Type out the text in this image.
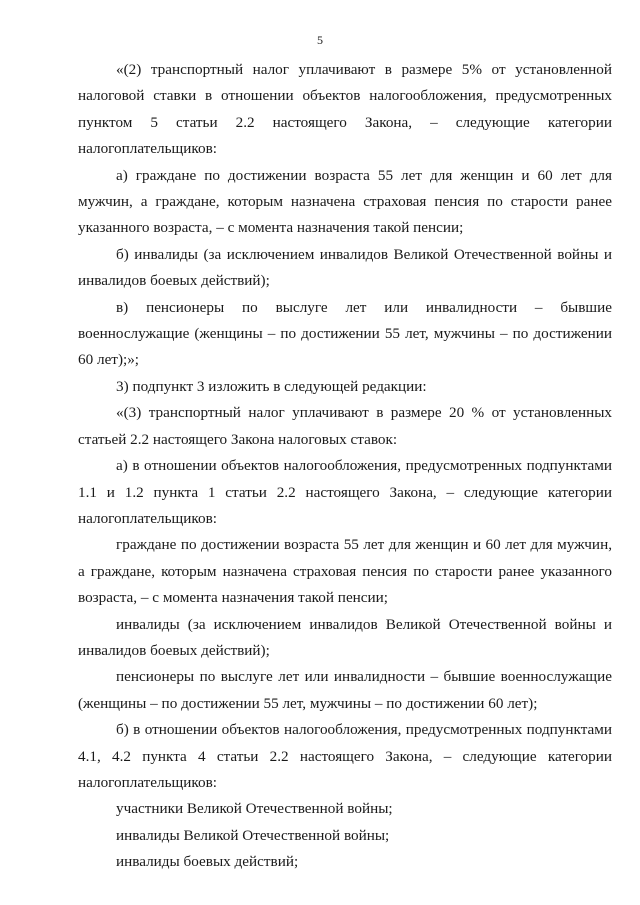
5

«(2) транспортный налог уплачивают в размере 5% от установленной налоговой ставки в отношении объектов налогообложения, предусмотренных пунктом 5 статьи 2.2 настоящего Закона, – следующие категории налогоплательщиков:

а) граждане по достижении возраста 55 лет для женщин и 60 лет для мужчин, а граждане, которым назначена страховая пенсия по старости ранее указанного возраста, – с момента назначения такой пенсии;

б) инвалиды (за исключением инвалидов Великой Отечественной войны и инвалидов боевых действий);

в) пенсионеры по выслуге лет или инвалидности – бывшие военнослужащие (женщины – по достижении 55 лет, мужчины – по достижении 60 лет);»;

3) подпункт 3 изложить в следующей редакции:

«(3) транспортный налог уплачивают в размере 20 % от установленных статьей 2.2 настоящего Закона налоговых ставок:

а) в отношении объектов налогообложения, предусмотренных подпунктами 1.1 и 1.2 пункта 1 статьи 2.2 настоящего Закона, – следующие категории налогоплательщиков:

граждане по достижении возраста 55 лет для женщин и 60 лет для мужчин, а граждане, которым назначена страховая пенсия по старости ранее указанного возраста, – с момента назначения такой пенсии;

инвалиды (за исключением инвалидов Великой Отечественной войны и инвалидов боевых действий);

пенсионеры по выслуге лет или инвалидности – бывшие военнослужащие (женщины – по достижении 55 лет, мужчины – по достижении 60 лет);

б) в отношении объектов налогообложения, предусмотренных подпунктами 4.1, 4.2 пункта 4 статьи 2.2 настоящего Закона, – следующие категории налогоплательщиков:

участники Великой Отечественной войны;

инвалиды Великой Отечественной войны;

инвалиды боевых действий;
